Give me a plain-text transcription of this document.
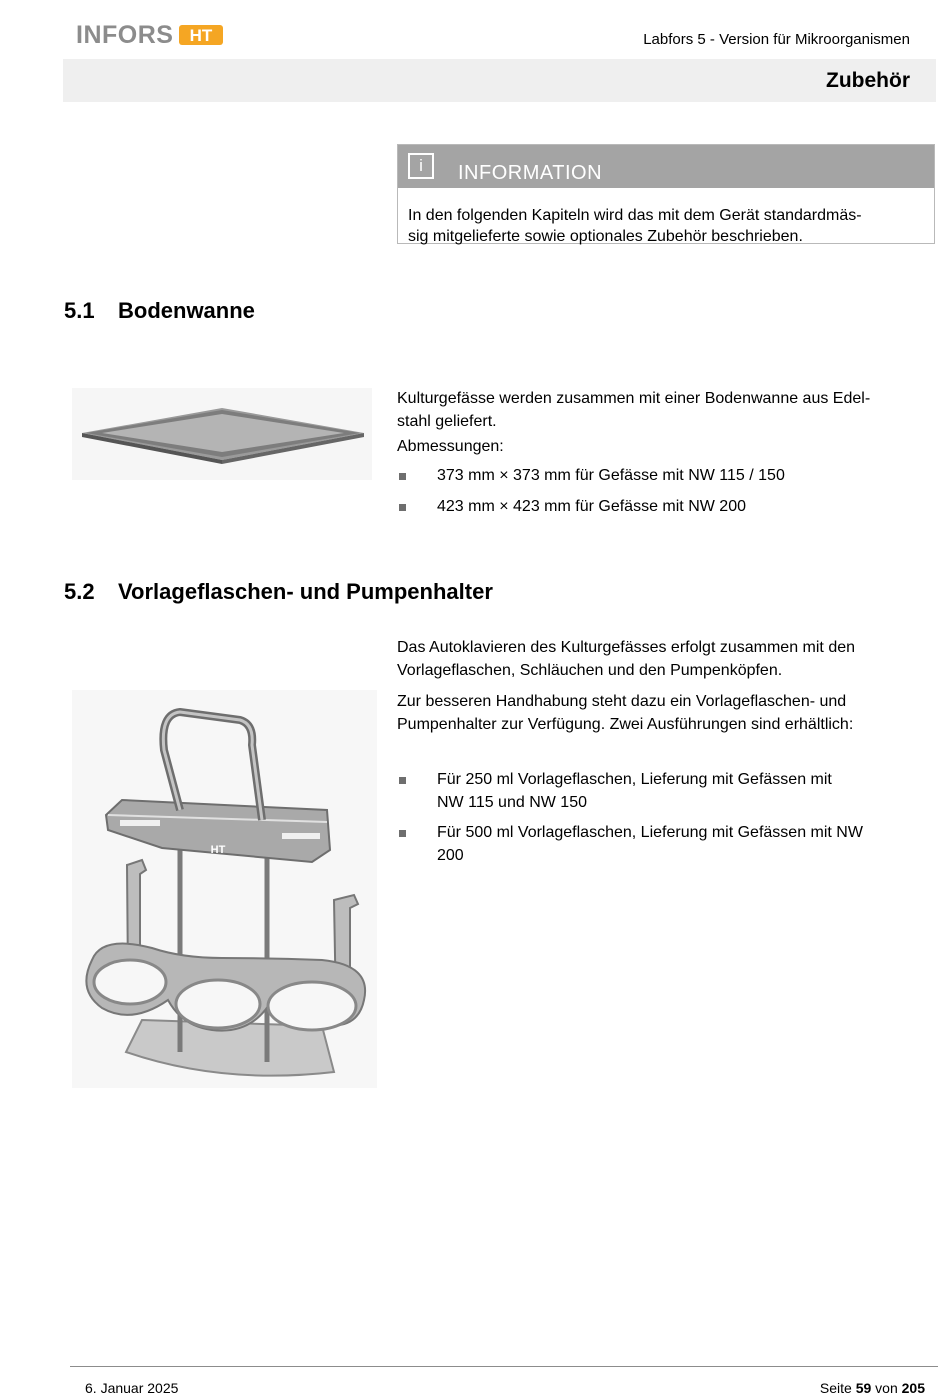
INFORS HT	Labfors 5 - Version für Mikroorganismen
Zubehör
i	INFORMATION
In den folgenden Kapiteln wird das mit dem Gerät standardmäs-
sig mitgelieferte sowie optionales Zubehör beschrieben.
5.1 Bodenwanne
Kulturgefässe werden zusammen mit einer Bodenwanne aus Edel-
stahl geliefert.
Abmessungen:
373 mm × 373 mm für Gefässe mit NW 115 / 150
423 mm × 423 mm für Gefässe mit NW 200
5.2 Vorlageflaschen- und Pumpenhalter
Das Autoklavieren des Kulturgefässes erfolgt zusammen mit den
Vorlageflaschen, Schläuchen und den Pumpenköpfen.
Zur besseren Handhabung steht dazu ein Vorlageflaschen- und
Pumpenhalter zur Verfügung. Zwei Ausführungen sind erhältlich:
Für 250 ml Vorlageflaschen, Lieferung mit Gefässen mit
NW 115 und NW 150
Für 500 ml Vorlageflaschen, Lieferung mit Gefässen mit NW
200
HT
6. Januar 2025	Seite 59 von 205
